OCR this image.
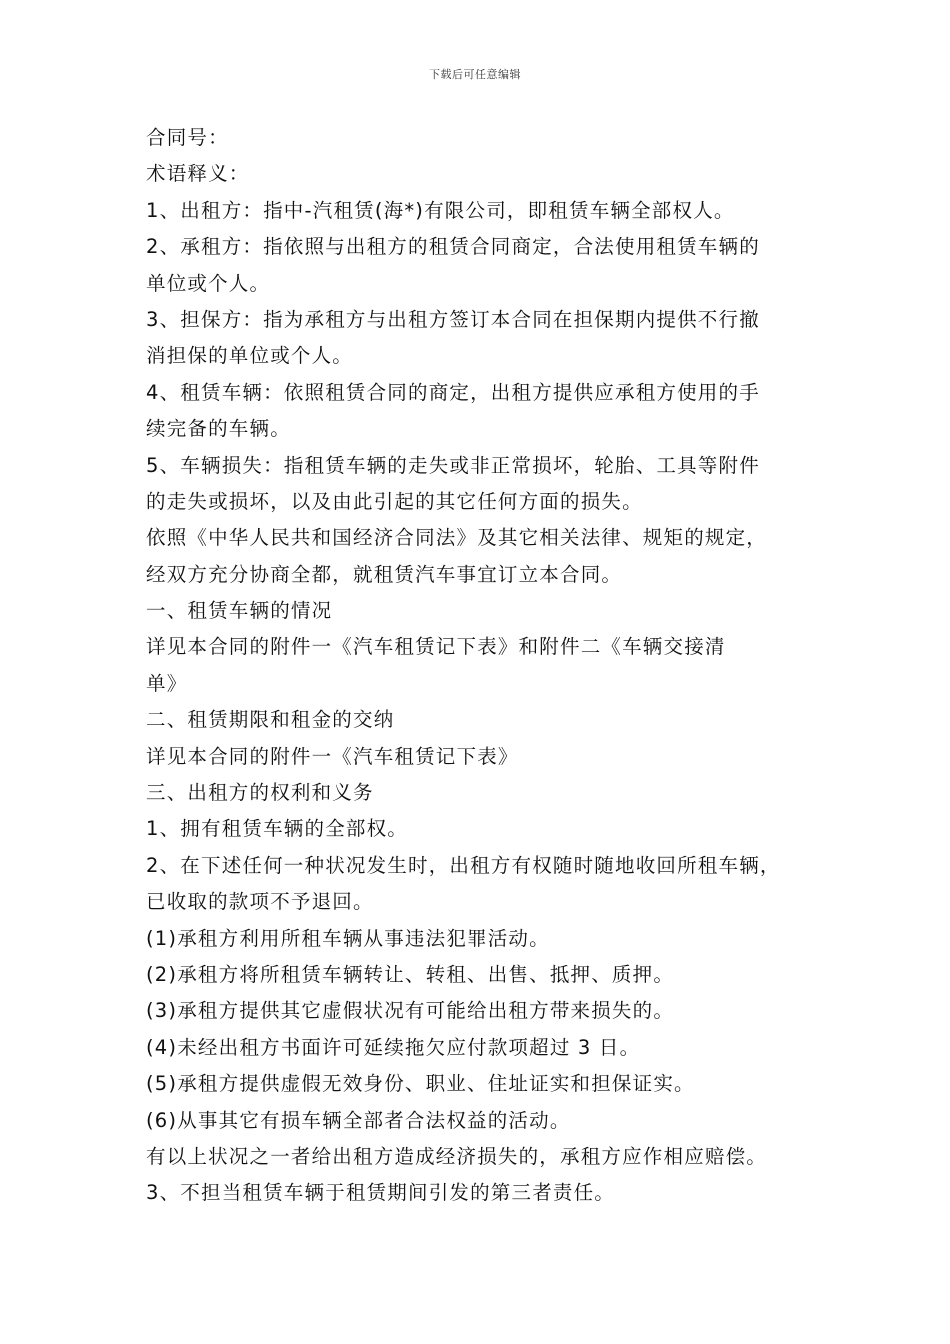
下载后可任意编辑
合同号：
术语释义：
1、出租方：指中-汽租赁(海*)有限公司，即租赁车辆全部权人。
2、承租方：指依照与出租方的租赁合同商定，合法使用租赁车辆的
单位或个人。
3、担保方：指为承租方与出租方签订本合同在担保期内提供不行撤
消担保的单位或个人。
4、租赁车辆：依照租赁合同的商定，出租方提供应承租方使用的手
续完备的车辆。
5、车辆损失：指租赁车辆的走失或非正常损坏，轮胎、工具等附件
的走失或损坏，以及由此引起的其它任何方面的损失。
依照《中华人民共和国经济合同法》及其它相关法律、规矩的规定，
经双方充分协商全都，就租赁汽车事宜订立本合同。
一、租赁车辆的情况
详见本合同的附件一《汽车租赁记下表》和附件二《车辆交接清
单》
二、租赁期限和租金的交纳
详见本合同的附件一《汽车租赁记下表》
三、出租方的权利和义务
1、拥有租赁车辆的全部权。
2、在下述任何一种状况发生时，出租方有权随时随地收回所租车辆，
已收取的款项不予退回。
(1)承租方利用所租车辆从事违法犯罪活动。
(2)承租方将所租赁车辆转让、转租、出售、抵押、质押。
(3)承租方提供其它虚假状况有可能给出租方带来损失的。
(4)未经出租方书面许可延续拖欠应付款项超过 3 日。
(5)承租方提供虚假无效身份、职业、住址证实和担保证实。
(6)从事其它有损车辆全部者合法权益的活动。
有以上状况之一者给出租方造成经济损失的，承租方应作相应赔偿。
3、不担当租赁车辆于租赁期间引发的第三者责任。
